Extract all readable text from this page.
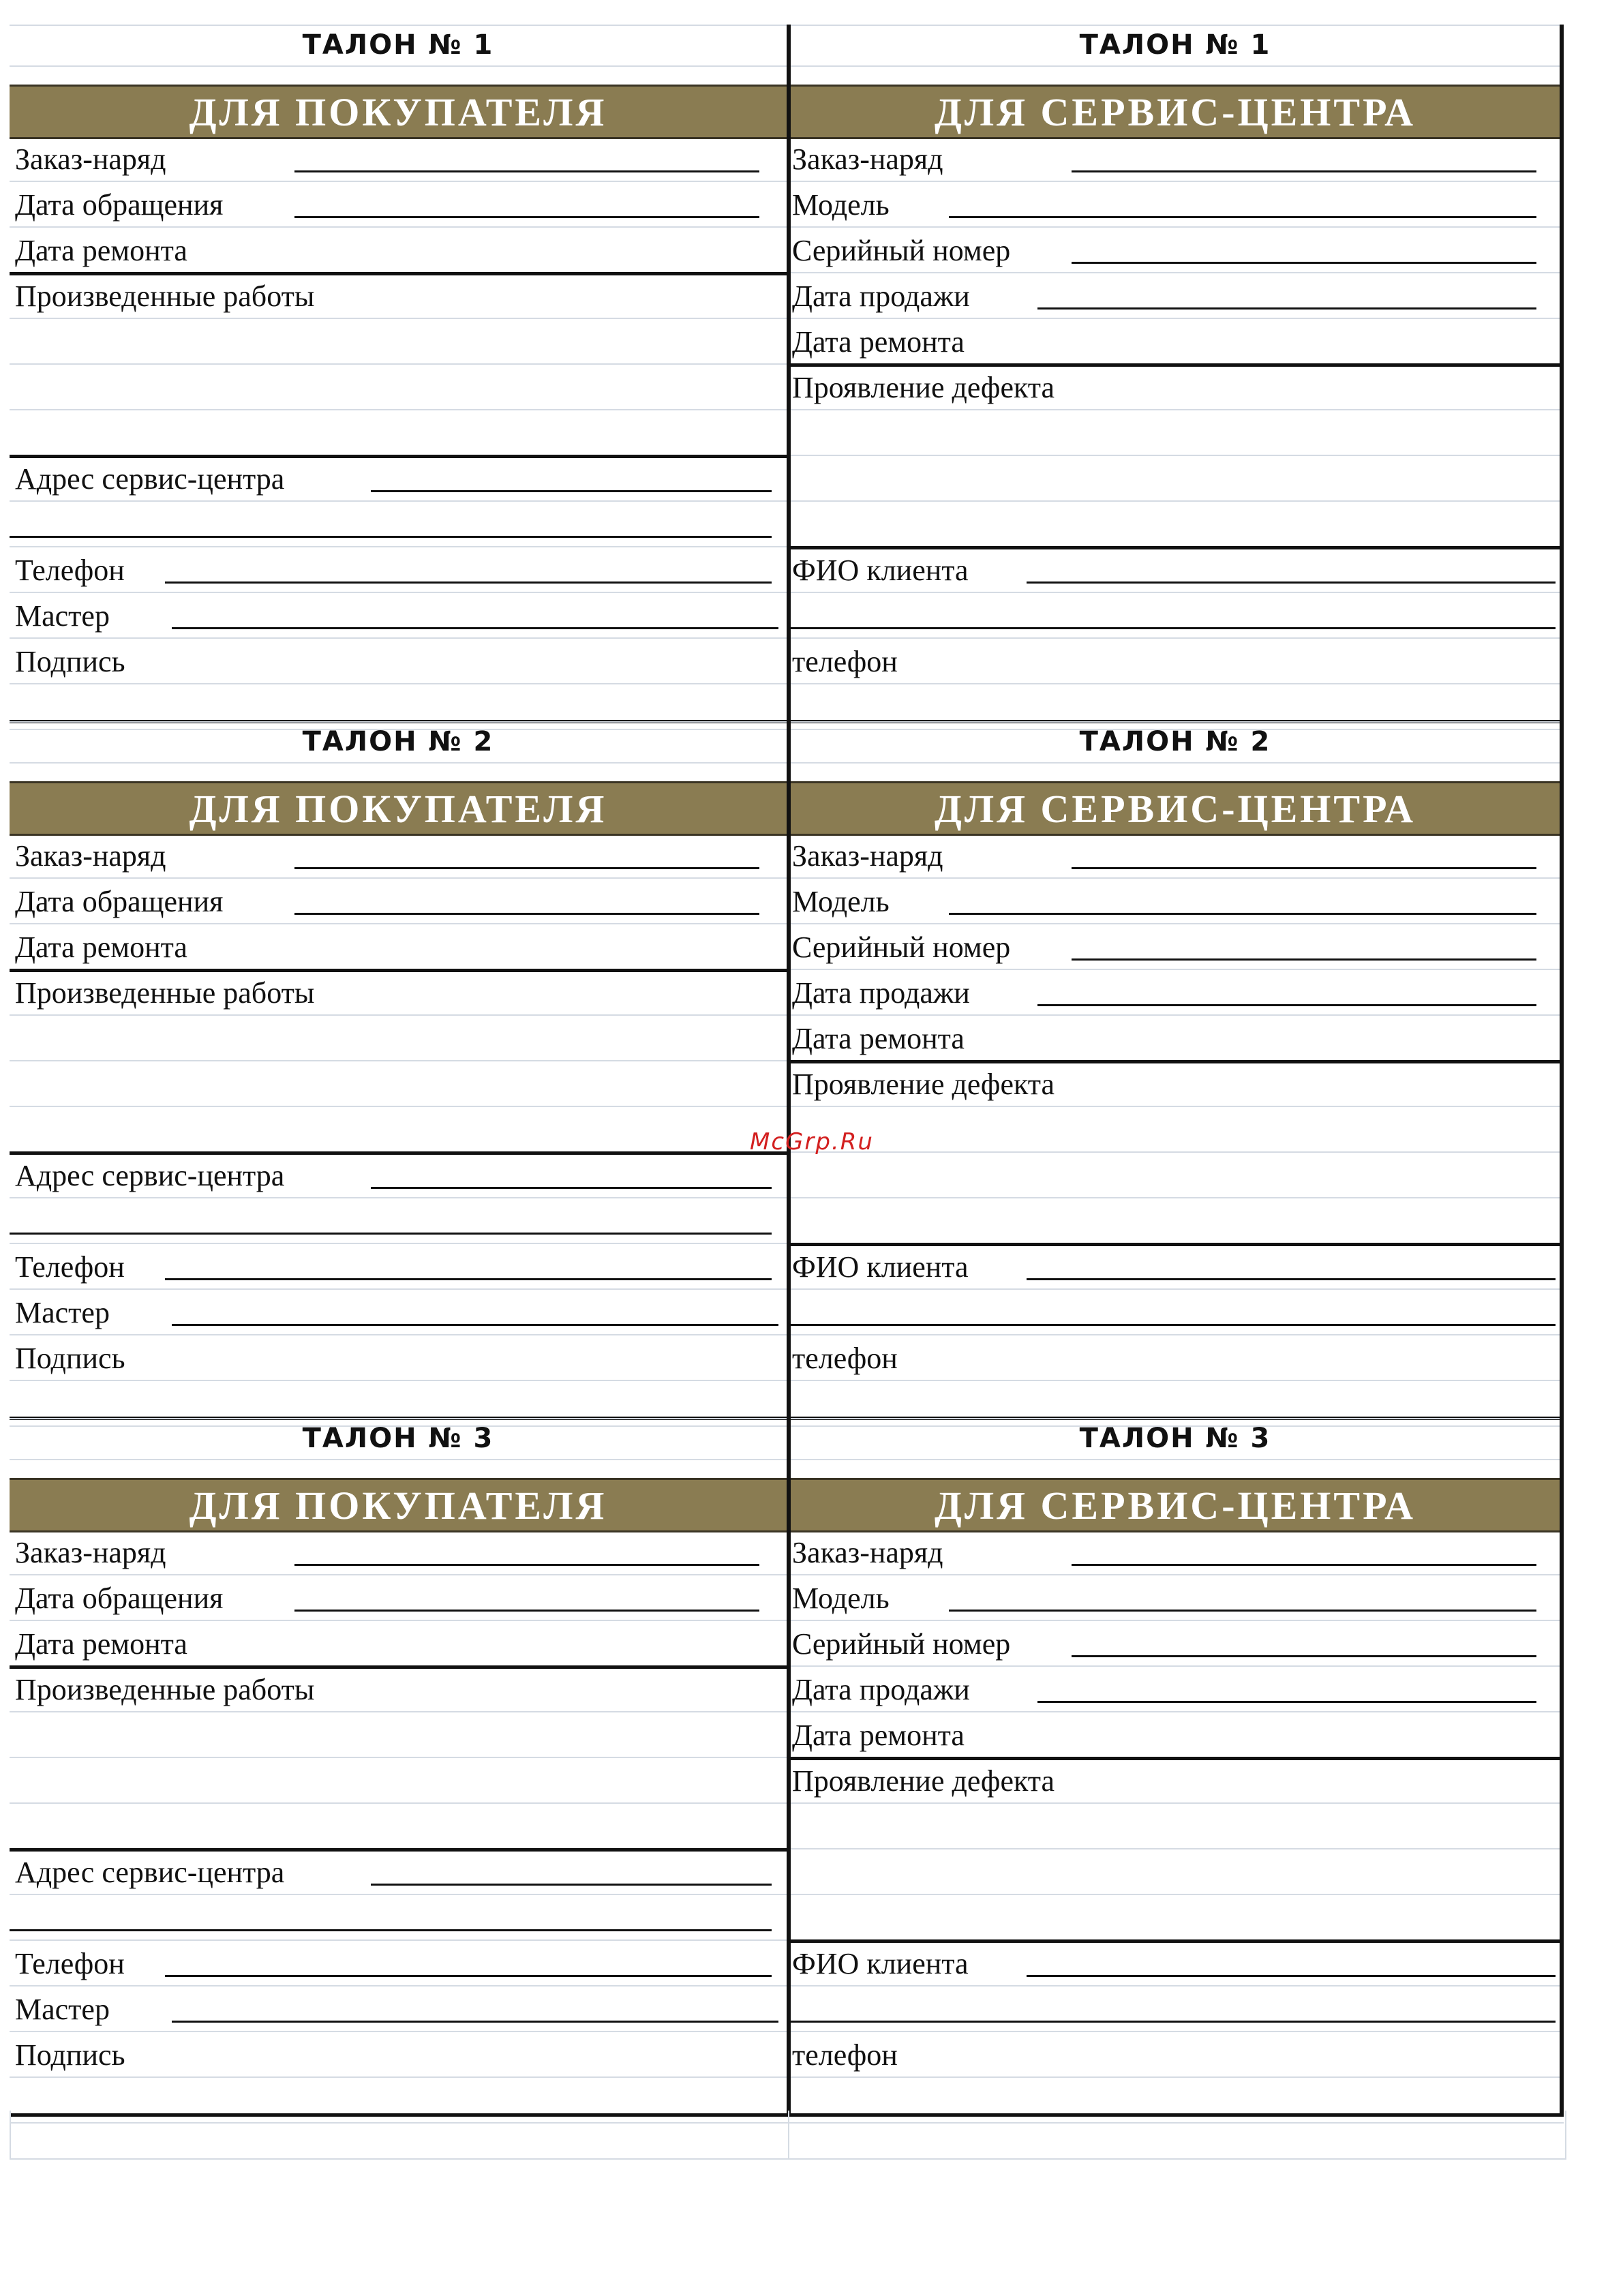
ТАЛОН № 1
ДЛЯ ПОКУПАТЕЛЯ
Заказ-наряд
Дата обращения
Дата ремонта
Произведенные работы
Адрес сервис-центра
Телефон
Мастер
Подпись
ТАЛОН № 1
ДЛЯ СЕРВИС-ЦЕНТРА
Заказ-наряд
Модель
Серийный номер
Дата продажи
Дата ремонта
Проявление дефекта
ФИО клиента
телефон
ТАЛОН № 2
ДЛЯ ПОКУПАТЕЛЯ
Заказ-наряд
Дата обращения
Дата ремонта
Произведенные работы
Адрес сервис-центра
Телефон
Мастер
Подпись
ТАЛОН № 2
ДЛЯ СЕРВИС-ЦЕНТРА
Заказ-наряд
Модель
Серийный номер
Дата продажи
Дата ремонта
Проявление дефекта
ФИО клиента
телефон
ТАЛОН № 3
ДЛЯ ПОКУПАТЕЛЯ
Заказ-наряд
Дата обращения
Дата ремонта
Произведенные работы
Адрес сервис-центра
Телефон
Мастер
Подпись
ТАЛОН № 3
ДЛЯ СЕРВИС-ЦЕНТРА
Заказ-наряд
Модель
Серийный номер
Дата продажи
Дата ремонта
Проявление дефекта
ФИО клиента
телефон
McGrp.Ru
